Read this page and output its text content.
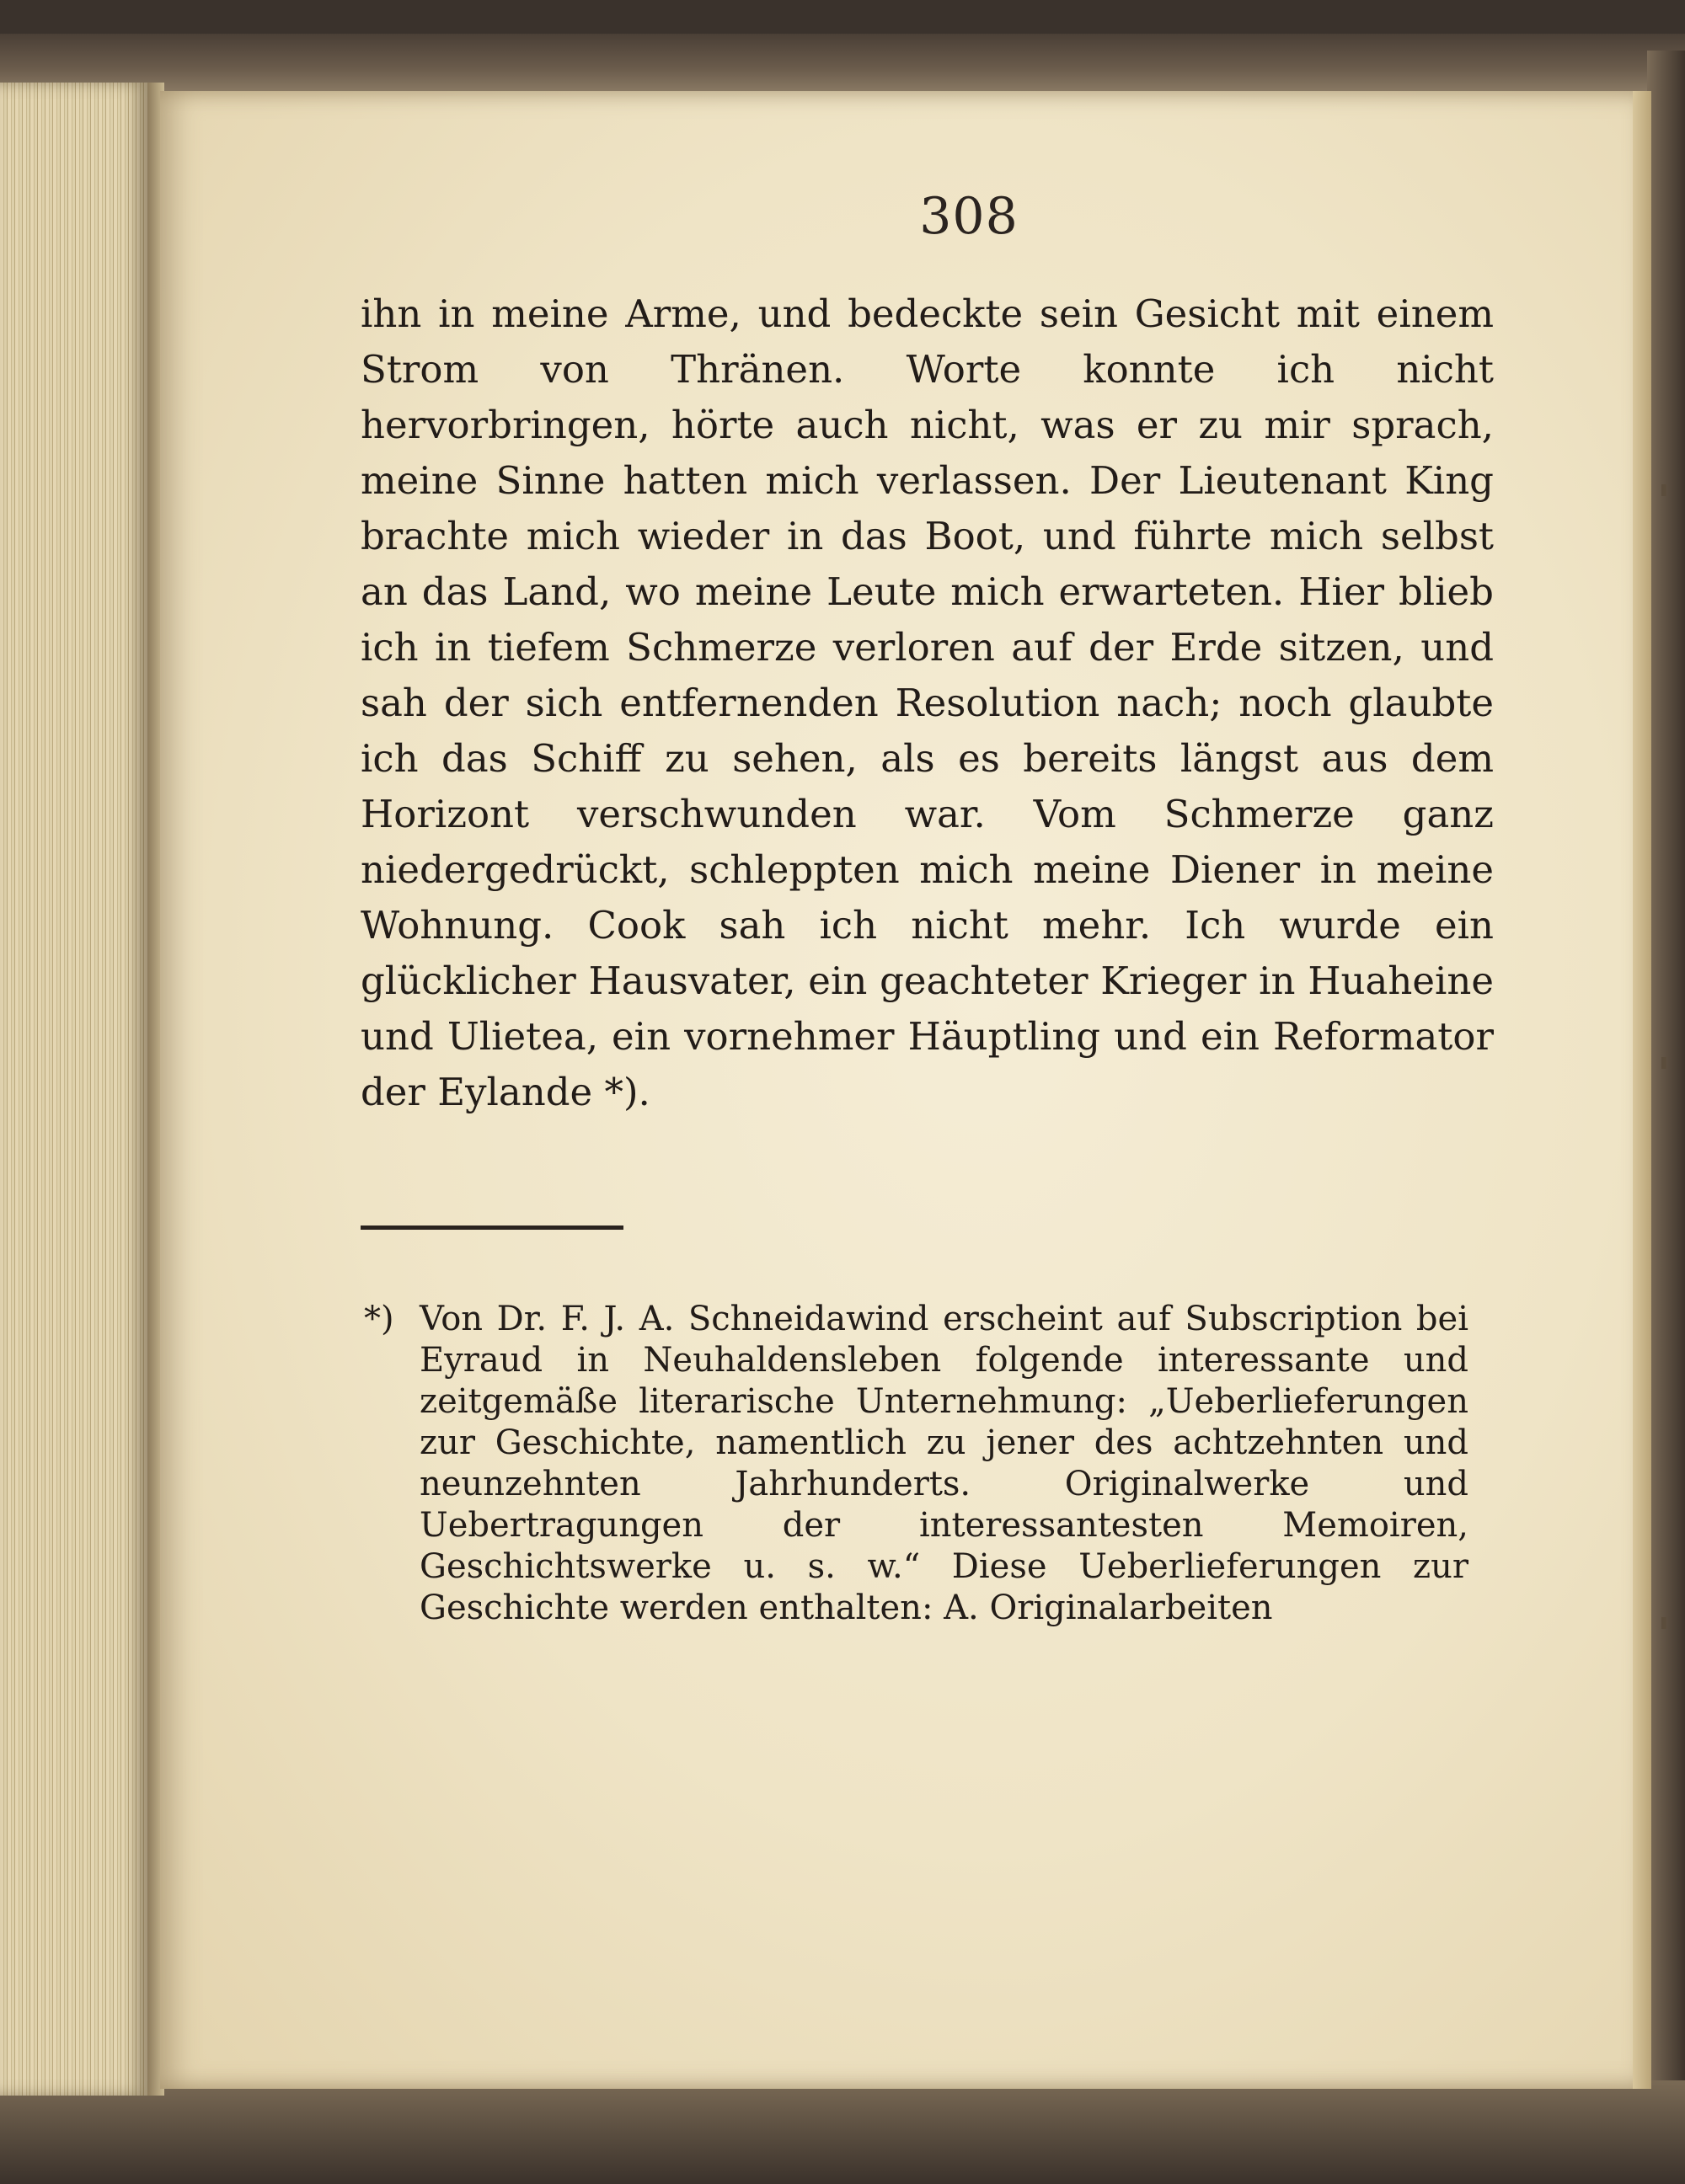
308
ihn in meine Arme, und bedeckte sein Gesicht mit einem Strom von Thränen. Worte konnte ich nicht hervorbringen, hörte auch nicht, was er zu mir sprach, meine Sinne hatten mich verlassen. Der Lieutenant King brachte mich wieder in das Boot, und führte mich selbst an das Land, wo meine Leute mich erwarteten. Hier blieb ich in tiefem Schmerze verloren auf der Erde sitzen, und sah der sich entfernenden Resolution nach; noch glaubte ich das Schiff zu sehen, als es bereits längst aus dem Horizont verschwunden war. Vom Schmerze ganz niedergedrückt, schleppten mich meine Diener in meine Wohnung. Cook sah ich nicht mehr. Ich wurde ein glücklicher Hausvater, ein geachteter Krieger in Huaheine und Ulietea, ein vornehmer Häuptling und ein Reformator der Eylande *).
*) Von Dr. F. J. A. Schneidawind erscheint auf Subscription bei Eyraud in Neuhaldensleben folgende interessante und zeitgemäße literarische Unternehmung: „Ueberlieferungen zur Geschichte, namentlich zu jener des achtzehnten und neunzehnten Jahrhunderts. Originalwerke und Uebertragungen der interessantesten Memoiren, Geschichtswerke u. s. w.“ Diese Ueberlieferungen zur Geschichte werden enthalten: A. Originalarbeiten
